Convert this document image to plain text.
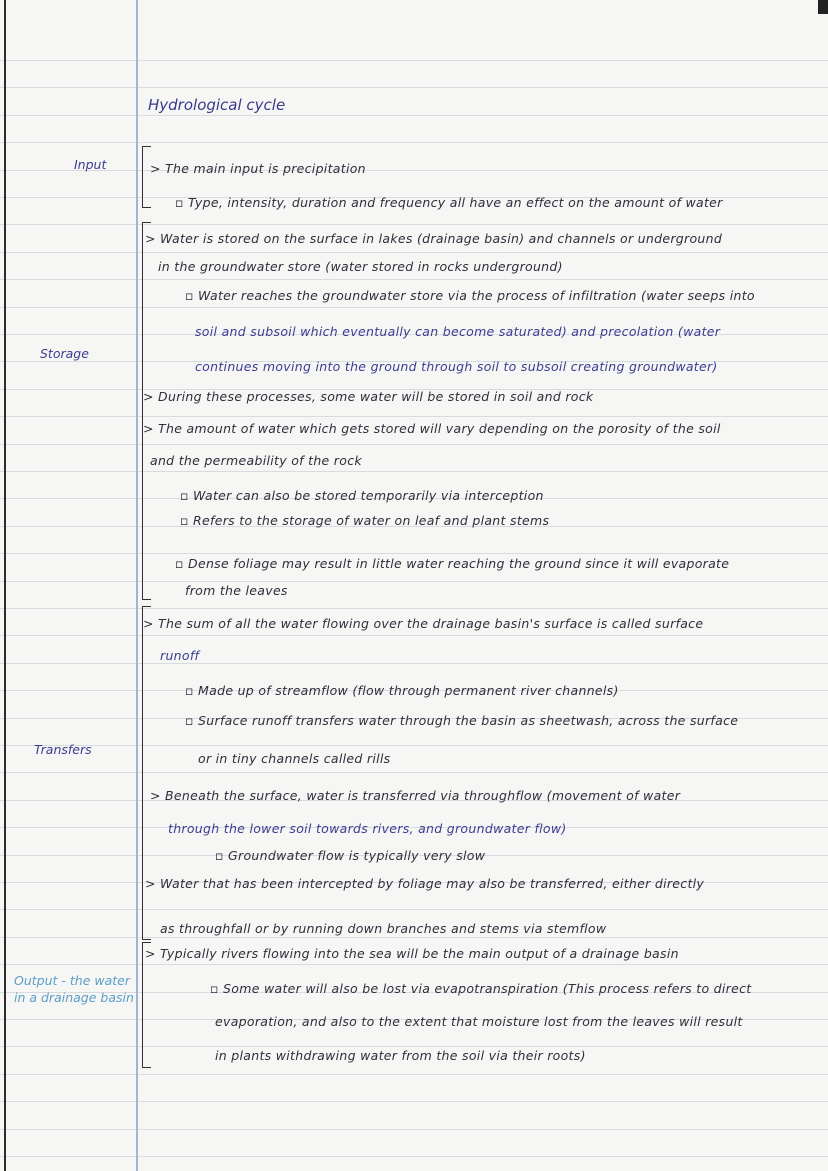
Hydrological cycle
Input
Storage
Transfers
Output - the water in a drainage basin
> The main input is precipitation
▫ Type, intensity, duration and frequency all have an effect on the amount of water
> Water is stored on the surface in lakes (drainage basin) and channels or underground
in the groundwater store (water stored in rocks underground)
▫ Water reaches the groundwater store via the process of infiltration (water seeps into
soil and subsoil which eventually can become saturated) and precolation (water
continues moving into the ground through soil to subsoil creating groundwater)
> During these processes, some water will be stored in soil and rock
> The amount of water which gets stored will vary depending on the porosity of the soil
and the permeability of the rock
▫ Water can also be stored temporarily via interception
▫ Refers to the storage of water on leaf and plant stems
▫ Dense foliage may result in little water reaching the ground since it will evaporate
from the leaves
> The sum of all the water flowing over the drainage basin's surface is called surface
runoff
▫ Made up of streamflow (flow through permanent river channels)
▫ Surface runoff transfers water through the basin as sheetwash, across the surface
or in tiny channels called rills
> Beneath the surface, water is transferred via throughflow (movement of water
through the lower soil towards rivers, and groundwater flow)
▫ Groundwater flow is typically very slow
> Water that has been intercepted by foliage may also be transferred, either directly
as throughfall or by running down branches and stems via stemflow
> Typically rivers flowing into the sea will be the main output of a drainage basin
▫ Some water will also be lost via evapotranspiration (This process refers to direct
evaporation, and also to the extent that moisture lost from the leaves will result
in plants withdrawing water from the soil via their roots)
